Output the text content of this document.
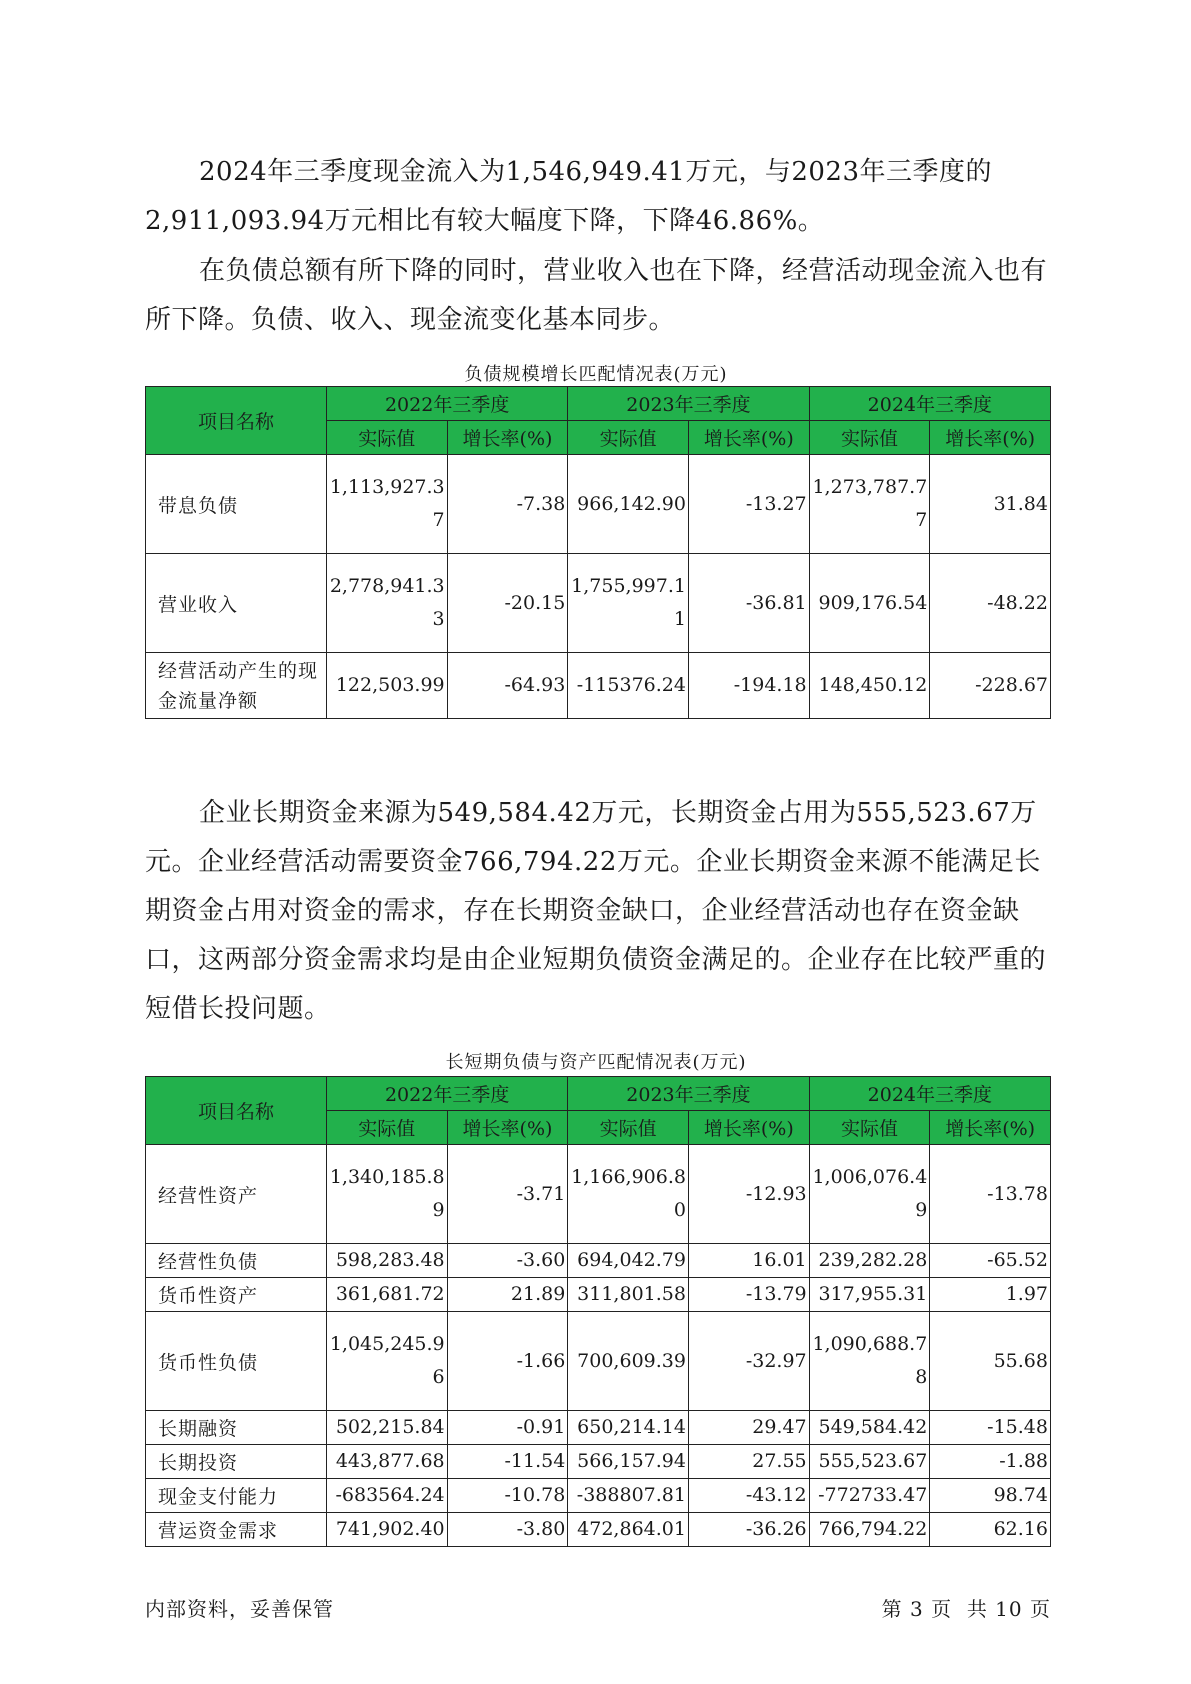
2024年三季度现金流入为1,546,949.41万元，与2023年三季度的2,911,093.94万元相比有较大幅度下降，下降46.86%。

在负债总额有所下降的同时，营业收入也在下降，经营活动现金流入也有所下降。负债、收入、现金流变化基本同步。

负债规模增长匹配情况表(万元)

项目名称	2022年三季度		2023年三季度		2024年三季度	
	实际值	增长率(%)	实际值	增长率(%)	实际值	增长率(%)
带息负债	1,113,927.37	-7.38	966,142.90	-13.27	1,273,787.77	31.84
营业收入	2,778,941.33	-20.15	1,755,997.11	-36.81	909,176.54	-48.22
经营活动产生的现金流量净额	122,503.99	-64.93	-115376.24	-194.18	148,450.12	-228.67

企业长期资金来源为549,584.42万元，长期资金占用为555,523.67万元。企业经营活动需要资金766,794.22万元。企业长期资金来源不能满足长期资金占用对资金的需求，存在长期资金缺口，企业经营活动也存在资金缺口，这两部分资金需求均是由企业短期负债资金满足的。企业存在比较严重的短借长投问题。

长短期负债与资产匹配情况表(万元)

项目名称	2022年三季度		2023年三季度		2024年三季度	
	实际值	增长率(%)	实际值	增长率(%)	实际值	增长率(%)
经营性资产	1,340,185.89	-3.71	1,166,906.80	-12.93	1,006,076.49	-13.78
经营性负债	598,283.48	-3.60	694,042.79	16.01	239,282.28	-65.52
货币性资产	361,681.72	21.89	311,801.58	-13.79	317,955.31	1.97
货币性负债	1,045,245.96	-1.66	700,609.39	-32.97	1,090,688.78	55.68
长期融资	502,215.84	-0.91	650,214.14	29.47	549,584.42	-15.48
长期投资	443,877.68	-11.54	566,157.94	27.55	555,523.67	-1.88
现金支付能力	-683564.24	-10.78	-388807.81	-43.12	-772733.47	98.74
营运资金需求	741,902.40	-3.80	472,864.01	-36.26	766,794.22	62.16
内部资料，妥善保管	第 3 页  共 10 页
